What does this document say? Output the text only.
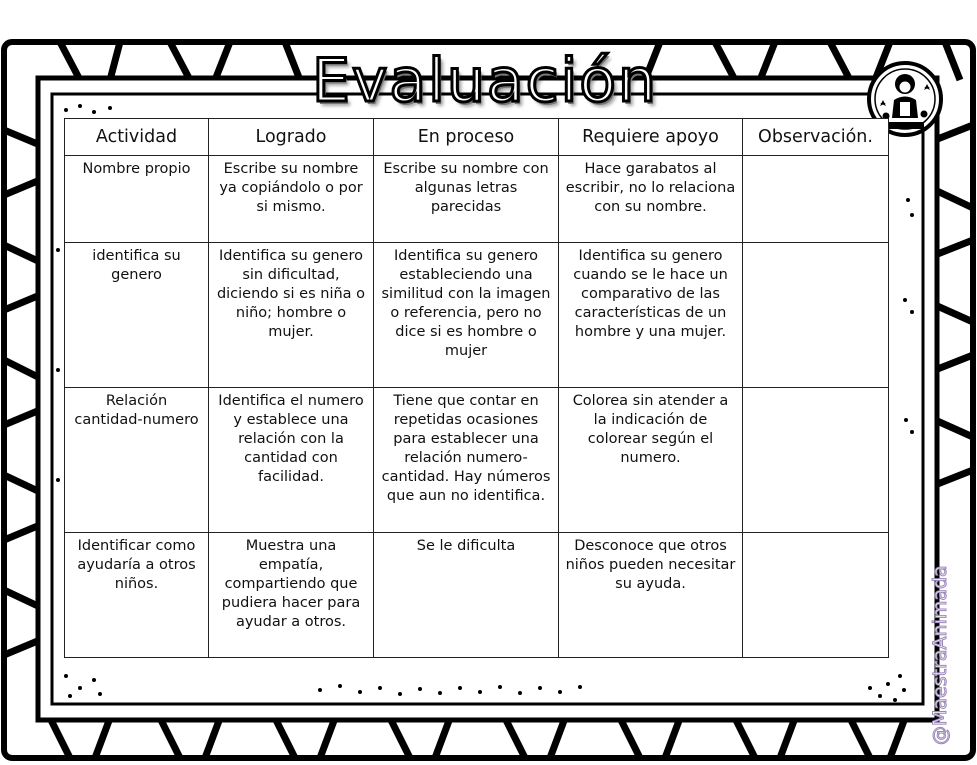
Evaluación
Actividad	Logrado	En proceso	Requiere apoyo	Observación.
Nombre propio	Escribe su nombre ya copiándolo o por si mismo.	Escribe su nombre con algunas letras parecidas	Hace garabatos al escribir, no lo relaciona con su nombre.	
identifica su genero	Identifica su genero sin dificultad, diciendo si es niña o niño; hombre o mujer.	Identifica su genero estableciendo una similitud con la imagen o referencia, pero no dice si es hombre o mujer	Identifica su genero cuando se le hace un comparativo de las características de un hombre y una mujer.	
Relación cantidad-numero	Identifica el numero y establece una relación con la cantidad con facilidad.	Tiene que contar en repetidas ocasiones para establecer una relación numero-cantidad. Hay números que aun no identifica.	Colorea sin atender a la indicación de colorear según el numero.	
Identificar como ayudaría a otros niños.	Muestra una empatía, compartiendo que pudiera hacer para ayudar a otros.	Se le dificulta	Desconoce que otros niños pueden necesitar su ayuda.		@MaestraAnimada
